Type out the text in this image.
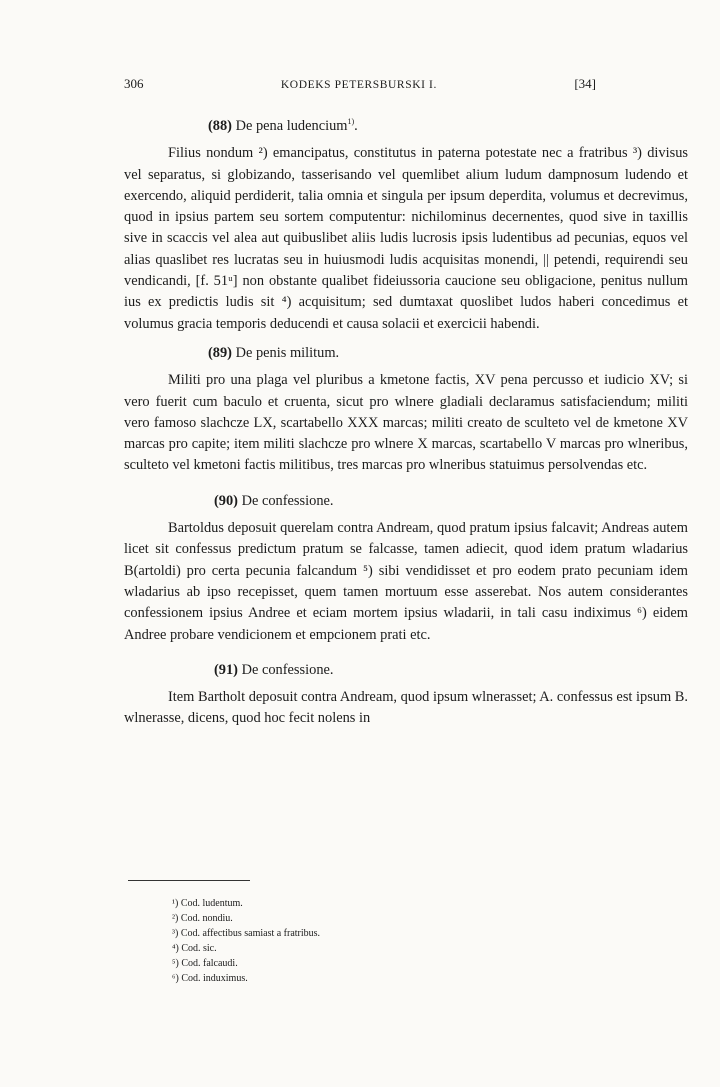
306	KODEKS PETERSBURSKI I.	[34]
(88) De pena ludencium$^{1)}$.

Filius nondum ²) emancipatus, constitutus in paterna potestate nec a fratribus ³) divisus vel separatus, si globizando, tasserisando vel quemlibet alium ludum dampnosum ludendo et exercendo, aliquid perdiderit, talia omnia et singula per ipsum deperdita, volumus et decrevimus, quod in ipsius partem seu sortem computentur: nichilominus decernentes, quod sive in taxillis sive in scaccis vel alea aut quibuslibet aliis ludis lucrosis ipsis ludentibus ad pecunias, equos vel alias quaslibet res lucratas seu in huiusmodi ludis acquisitas monendi, || petendi, requirendi seu vendicandi, [f. 51ᵘ] non obstante qualibet fideiussoria caucione seu obligacione, penitus nullum ius ex predictis ludis sit ⁴) acquisitum; sed dumtaxat quoslibet ludos haberi concedimus et volumus gracia temporis deducendi et causa solacii et exercicii habendi.

(89) De penis militum.

Militi pro una plaga vel pluribus a kmetone factis, XV pena percusso et iudicio XV; si vero fuerit cum baculo et cruenta, sicut pro wlnere gladiali declaramus satisfaciendum; militi vero famoso slachcze LX, scartabello XXX marcas; militi creato de sculteto vel de kmetone XV marcas pro capite; item militi slachcze pro wlnere X marcas, scartabello V marcas pro wlneribus, sculteto vel kmetoni factis militibus, tres marcas pro wlneribus statuimus persolvendas etc.

(90) De confessione.

Bartoldus deposuit querelam contra Andream, quod pratum ipsius falcavit; Andreas autem licet sit confessus predictum pratum se falcasse, tamen adiecit, quod idem pratum wladarius B(artoldi) pro certa pecunia falcandum ⁵) sibi vendidisset et pro eodem prato pecuniam idem wladarius ab ipso recepisset, quem tamen mortuum esse asserebat. Nos autem considerantes confessionem ipsius Andree et eciam mortem ipsius wladarii, in tali casu indiximus ⁶) eidem Andree probare vendicionem et empcionem prati etc.

(91) De confessione.

Item Bartholt deposuit contra Andream, quod ipsum wlnerasset; A. confessus est ipsum B. wlnerasse, dicens, quod hoc fecit nolens in

¹) Cod. ludentum.
²) Cod. nondiu.
³) Cod. affectibus samiast a fratribus.
⁴) Cod. sic.
⁵) Cod. falcaudi.
⁶) Cod. induximus.
